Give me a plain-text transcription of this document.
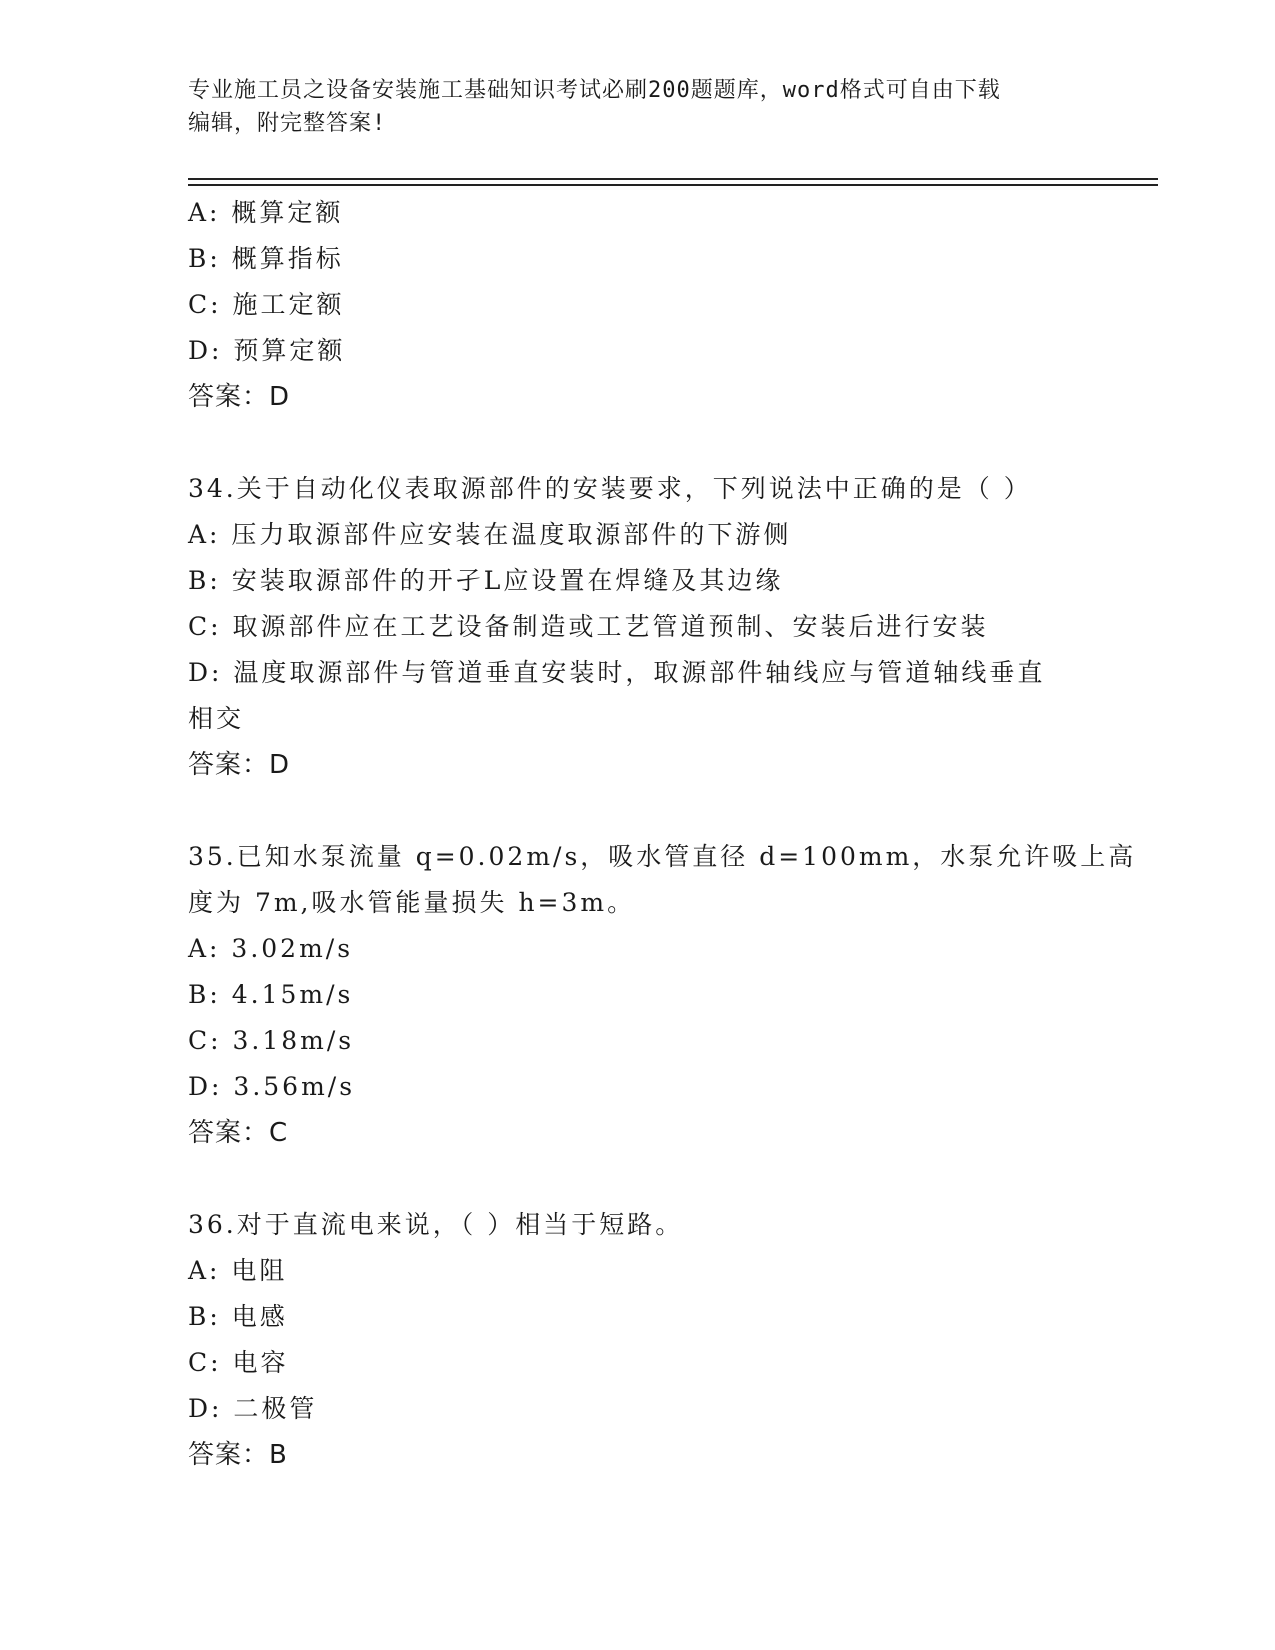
专业施工员之设备安装施工基础知识考试必刷200题题库，word格式可自由下载
编辑，附完整答案!
A: 概算定额
B: 概算指标
C: 施工定额
D: 预算定额
答案：D
34.关于自动化仪表取源部件的安装要求，下列说法中正确的是（ ）
A: 压力取源部件应安装在温度取源部件的下游侧
B: 安装取源部件的开孑L应设置在焊缝及其边缘
C: 取源部件应在工艺设备制造或工艺管道预制、安装后进行安装
D: 温度取源部件与管道垂直安装时，取源部件轴线应与管道轴线垂直
相交
答案：D
35.已知水泵流量 q=0.02m/s，吸水管直径 d=100mm，水泵允许吸上高
度为 7m,吸水管能量损失 h=3m。
A: 3.02m/s
B: 4.15m/s
C: 3.18m/s
D: 3.56m/s
答案：C
36.对于直流电来说，（ ）相当于短路。
A: 电阻
B: 电感
C: 电容
D: 二极管
答案：B
